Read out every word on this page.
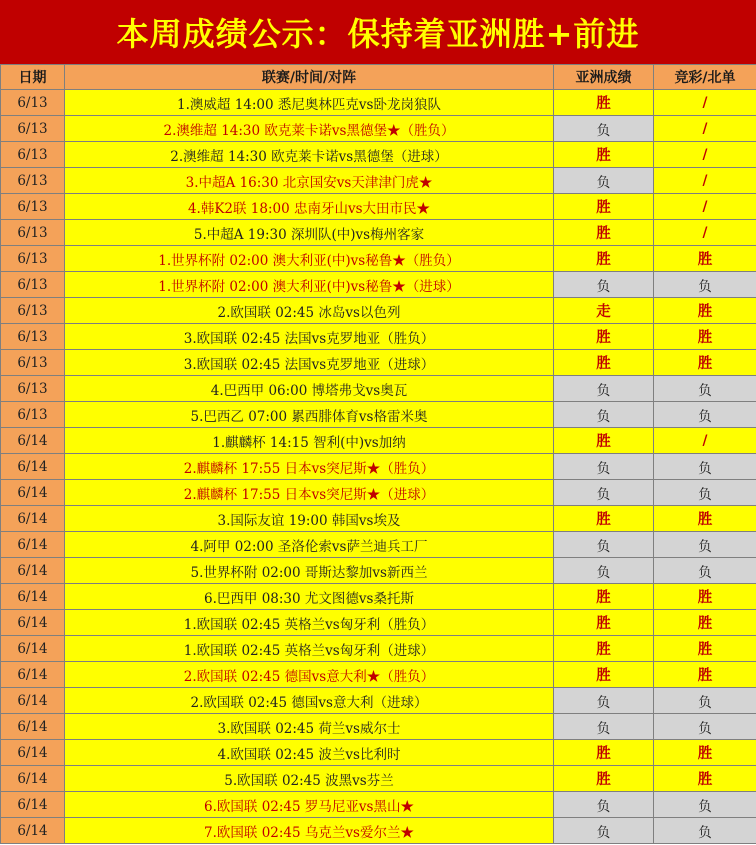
本周成绩公示：保持着亚洲胜+前进
日期	联赛/时间/对阵	亚洲成绩	竞彩/北单
6/13	1.澳威超 14:00 悉尼奥林匹克vs卧龙岗狼队	胜	/
6/13	2.澳维超 14:30 欧克莱卡诺vs黑德堡★（胜负）	负	/
6/13	2.澳维超 14:30 欧克莱卡诺vs黑德堡（进球）	胜	/
6/13	3.中超A 16:30 北京国安vs天津津门虎★	负	/
6/13	4.韩K2联 18:00 忠南牙山vs大田市民★	胜	/
6/13	5.中超A 19:30 深圳队(中)vs梅州客家	胜	/
6/13	1.世界杯附 02:00 澳大利亚(中)vs秘鲁★（胜负）	胜	胜
6/13	1.世界杯附 02:00 澳大利亚(中)vs秘鲁★（进球）	负	负
6/13	2.欧国联 02:45 冰岛vs以色列	走	胜
6/13	3.欧国联 02:45 法国vs克罗地亚（胜负）	胜	胜
6/13	3.欧国联 02:45 法国vs克罗地亚（进球）	胜	胜
6/13	4.巴西甲 06:00 博塔弗戈vs奥瓦	负	负
6/13	5.巴西乙 07:00 累西腓体育vs格雷米奥	负	负
6/14	1.麒麟杯 14:15 智利(中)vs加纳	胜	/
6/14	2.麒麟杯 17:55 日本vs突尼斯★（胜负）	负	负
6/14	2.麒麟杯 17:55 日本vs突尼斯★（进球）	负	负
6/14	3.国际友谊 19:00 韩国vs埃及	胜	胜
6/14	4.阿甲 02:00 圣洛伦索vs萨兰迪兵工厂	负	负
6/14	5.世界杯附 02:00 哥斯达黎加vs新西兰	负	负
6/14	6.巴西甲 08:30 尤文图德vs桑托斯	胜	胜
6/14	1.欧国联 02:45 英格兰vs匈牙利（胜负）	胜	胜
6/14	1.欧国联 02:45 英格兰vs匈牙利（进球）	胜	胜
6/14	2.欧国联 02:45 德国vs意大利★（胜负）	胜	胜
6/14	2.欧国联 02:45 德国vs意大利（进球）	负	负
6/14	3.欧国联 02:45 荷兰vs威尔士	负	负
6/14	4.欧国联 02:45 波兰vs比利时	胜	胜
6/14	5.欧国联 02:45 波黑vs芬兰	胜	胜
6/14	6.欧国联 02:45 罗马尼亚vs黑山★	负	负
6/14	7.欧国联 02:45 乌克兰vs爱尔兰★	负	负
